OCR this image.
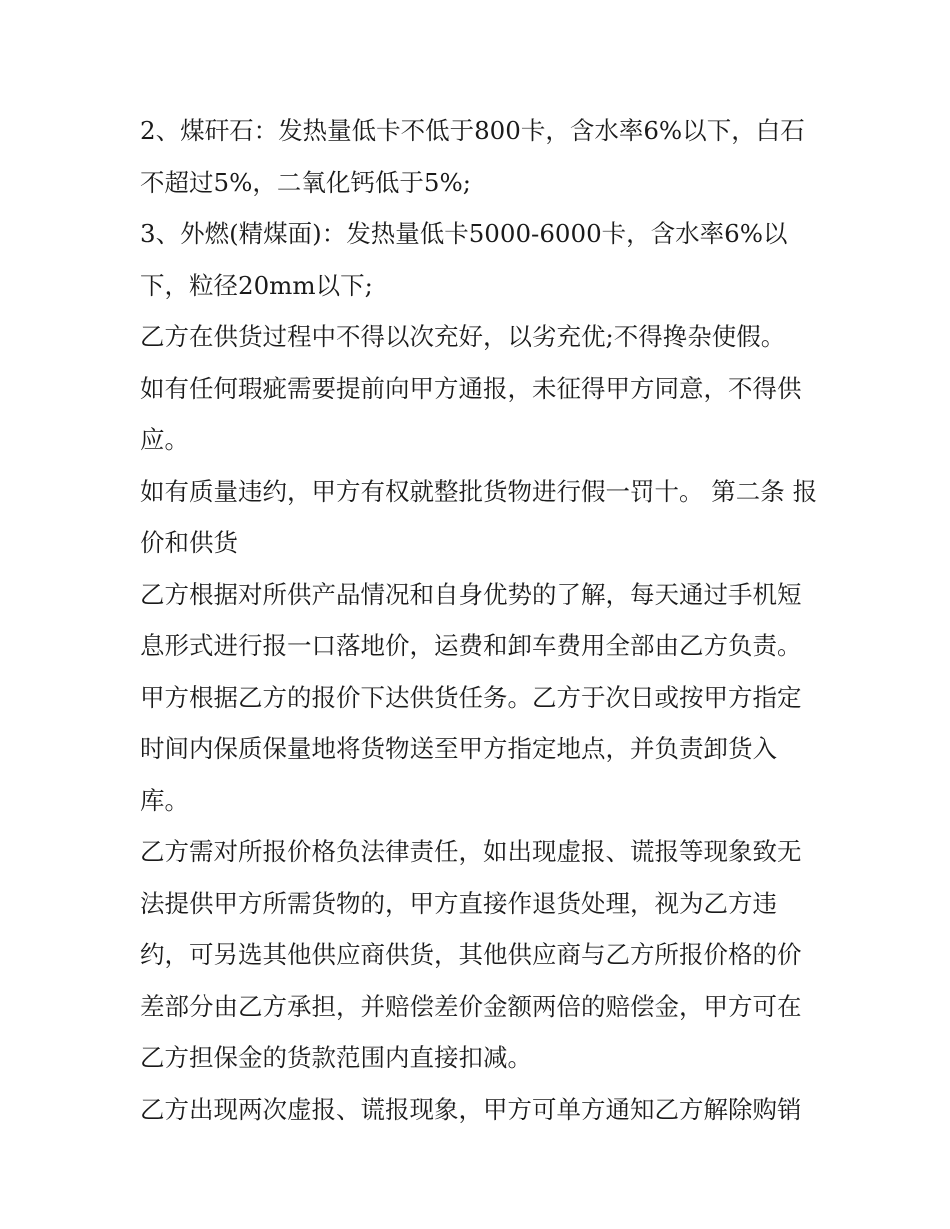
2、煤矸石：发热量低卡不低于800卡，含水率6%以下，白石不超过5%，二氧化钙低于5%;

3、外燃(精煤面)：发热量低卡5000-6000卡，含水率6%以下，粒径20mm以下;

乙方在供货过程中不得以次充好，以劣充优;不得搀杂使假。

如有任何瑕疵需要提前向甲方通报，未征得甲方同意，不得供应。

如有质量违约，甲方有权就整批货物进行假一罚十。 第二条 报价和供货

乙方根据对所供产品情况和自身优势的了解，每天通过手机短息形式进行报一口落地价，运费和卸车费用全部由乙方负责。

甲方根据乙方的报价下达供货任务。乙方于次日或按甲方指定时间内保质保量地将货物送至甲方指定地点，并负责卸货入库。

乙方需对所报价格负法律责任，如出现虚报、谎报等现象致无法提供甲方所需货物的，甲方直接作退货处理，视为乙方违约，可另选其他供应商供货，其他供应商与乙方所报价格的价差部分由乙方承担，并赔偿差价金额两倍的赔偿金，甲方可在乙方担保金的货款范围内直接扣减。

乙方出现两次虚报、谎报现象，甲方可单方通知乙方解除购销
